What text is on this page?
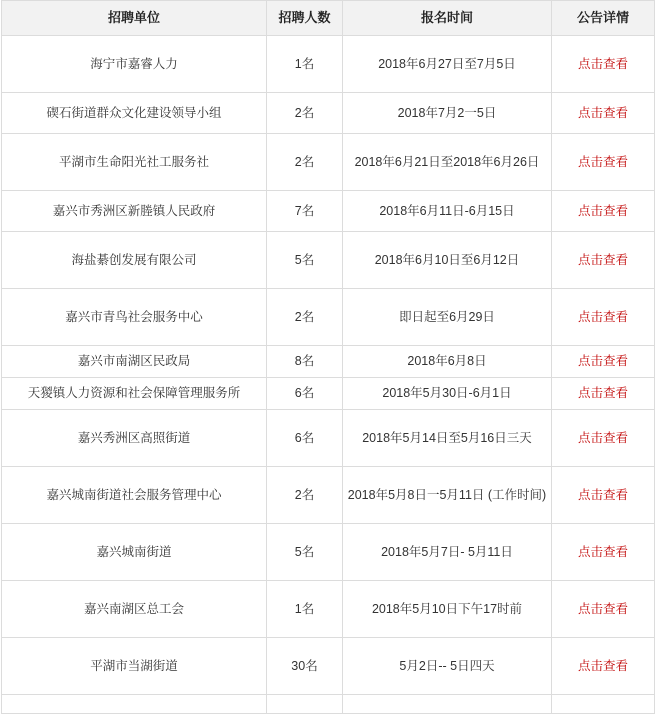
招聘单位	招聘人数	报名时间	公告详情
海宁市嘉睿人力	1名	2018年6月27日至7月5日	点击查看
碶石街道群众文化建设领导小组	2名	2018年7月2一5日	点击查看
平湖市生命阳光社工服务社	2名	2018年6月21日至2018年6月26日	点击查看
嘉兴市秀洲区新塍镇人民政府	7名	2018年6月11日-6月15日	点击查看
海盐綦创发展有限公司	5名	2018年6月10日至6月12日	点击查看
嘉兴市青鸟社会服务中心	2名	即日起至6月29日	点击查看
嘉兴市南湖区民政局	8名	2018年6月8日	点击查看
天猣镇人力资源和社会保障管理服务所	6名	2018年5月30日-6月1日	点击查看
嘉兴秀洲区高照街道	6名	2018年5月14日至5月16日三天	点击查看
嘉兴城南街道社会服务管理中心	2名	2018年5月8日一5月11日 (工作时间)	点击查看
嘉兴城南街道	5名	2018年5月7日- 5月11日	点击查看
嘉兴南湖区总工会	1名	2018年5月10日下午17时前	点击查看
平湖市当湖街道	30名	5月2日-- 5日四天	点击查看
